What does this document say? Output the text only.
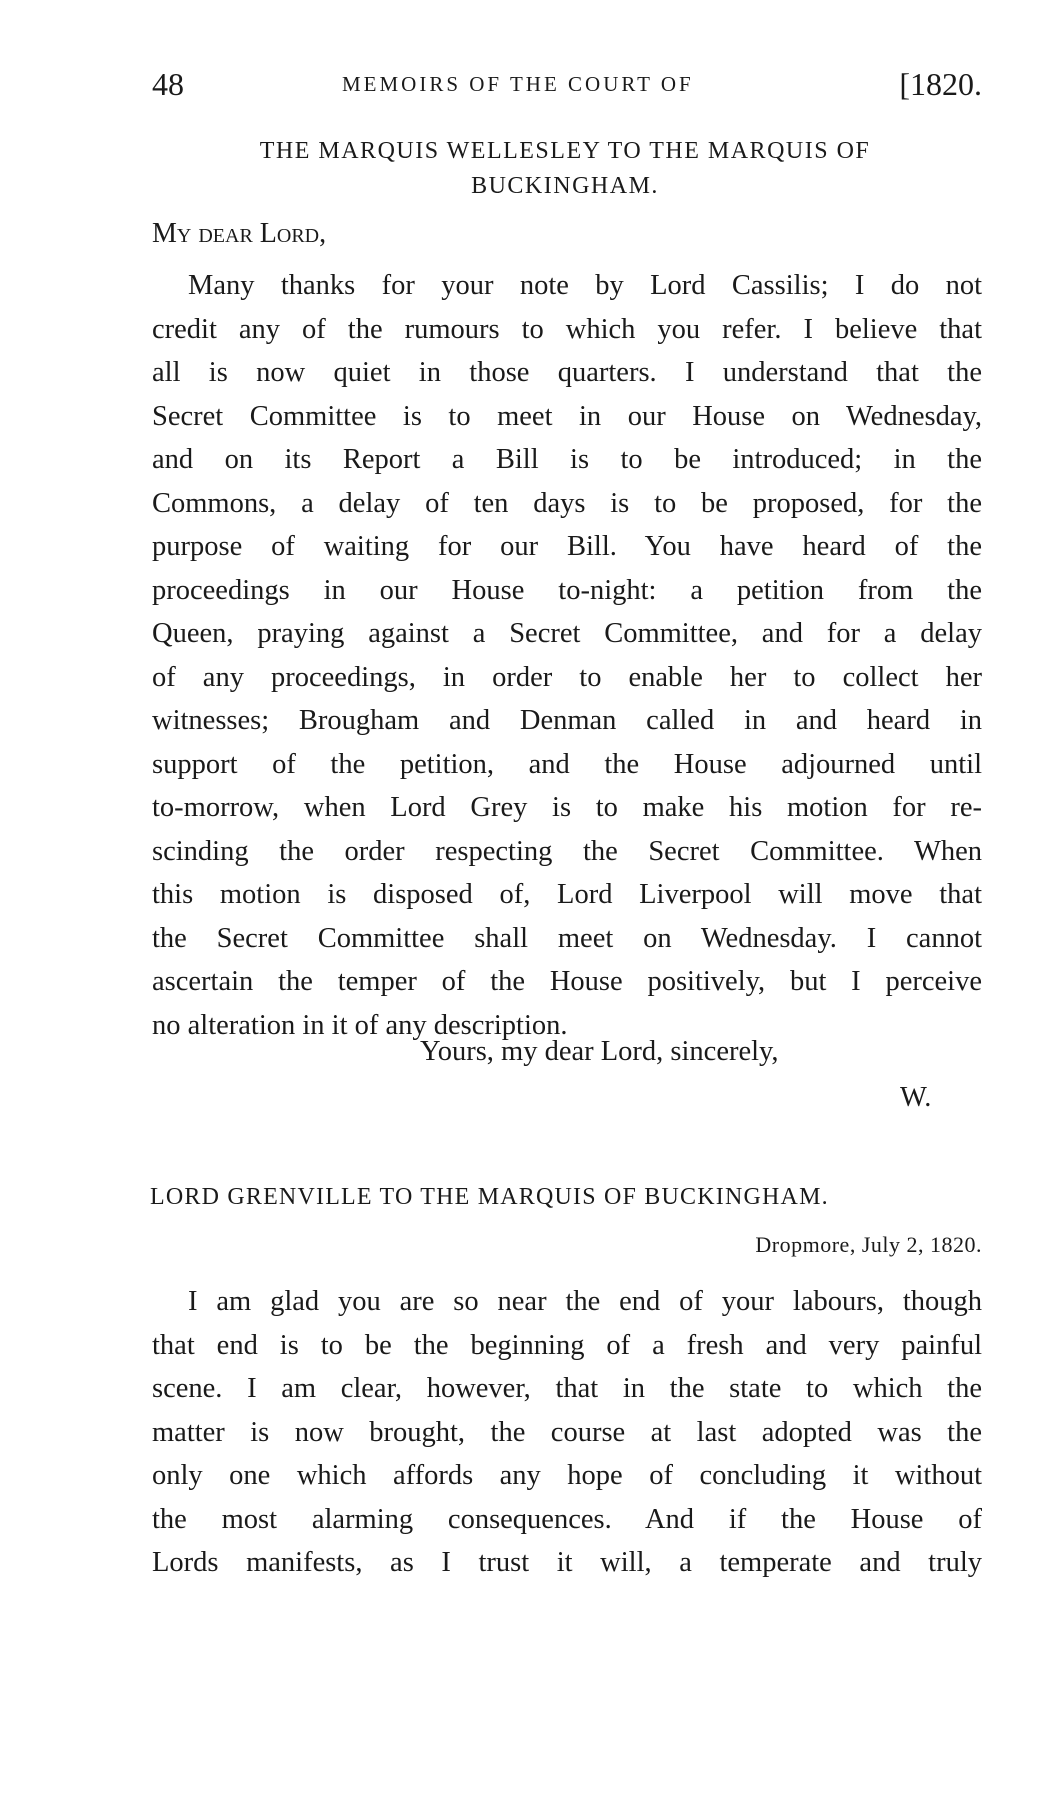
48	MEMOIRS OF THE COURT OF	[1820.
THE MARQUIS WELLESLEY TO THE MARQUIS OF
BUCKINGHAM.
My dear Lord,

Many thanks for your note by Lord Cassilis; I do not
credit any of the rumours to which you refer. I believe that
all is now quiet in those quarters. I understand that the
Secret Committee is to meet in our House on Wednesday,
and on its Report a Bill is to be introduced; in the
Commons, a delay of ten days is to be proposed, for the
purpose of waiting for our Bill. You have heard of the
proceedings in our House to-night: a petition from the
Queen, praying against a Secret Committee, and for a delay
of any proceedings, in order to enable her to collect her
witnesses; Brougham and Denman called in and heard in
support of the petition, and the House adjourned until
to-morrow, when Lord Grey is to make his motion for re-
scinding the order respecting the Secret Committee. When
this motion is disposed of, Lord Liverpool will move that
the Secret Committee shall meet on Wednesday. I cannot
ascertain the temper of the House positively, but I perceive
no alteration in it of any description.

Yours, my dear Lord, sincerely,
W.
LORD GRENVILLE TO THE MARQUIS OF BUCKINGHAM.
Dropmore, July 2, 1820.

I am glad you are so near the end of your labours, though
that end is to be the beginning of a fresh and very painful
scene. I am clear, however, that in the state to which the
matter is now brought, the course at last adopted was the
only one which affords any hope of concluding it without
the most alarming consequences. And if the House of
Lords manifests, as I trust it will, a temperate and truly
